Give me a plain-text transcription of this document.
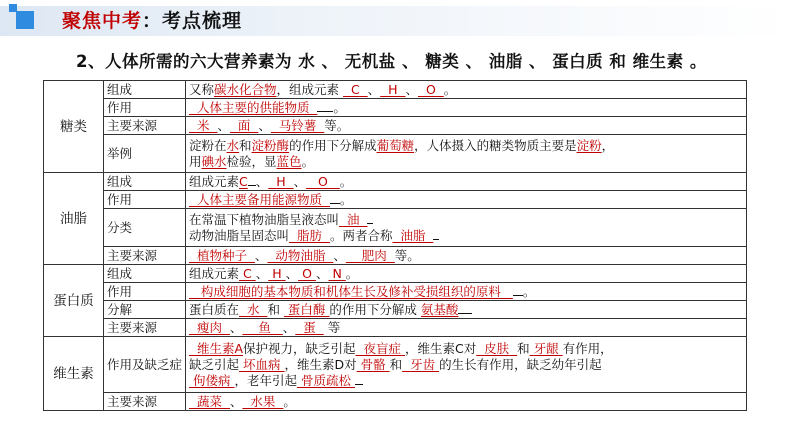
聚焦中考：考点梳理
2、人体所需的六大营养素为 水 、 无机盐 、 糖类 、 油脂 、 蛋白质 和 维生素 。
糖类	组成	又称碳水化合物，组成元素 C 、 H 、 O 。
	作用	人体主要的供能物质 。
	主要来源	米 、 面 、 马铃薯 等。
	举例	淀粉在水和淀粉酶的作用下分解成葡萄糖，人体摄入的糖类物质主要是淀粉，
用碘水检验，显蓝色。
油脂	组成	组成元素C 、 H 、 O 。
	作用	人体主要备用能源物质 。
	分类	在常温下植物油脂呈液态叫 油
动物油脂呈固态叫 脂肪 。两者合称 油脂
	主要来源	植物种子 、 动物油脂 、 肥肉 等。
蛋白质	组成	组成元素 C 、 H 、 O 、 N 。
	作用	构成细胞的基本物质和机体生长及修补受损组织的原料 。
	分解	蛋白质在 水 和 蛋白酶 的作用下分解成 氨基酸
	主要来源	瘦肉 、 鱼 、 蛋 等
维生素	作用及缺乏症	维生素A保护视力，缺乏引起 夜盲症 ，维生素C对 皮肤 和 牙龈 有作用，
缺乏引起 坏血病 ，维生素D对 骨骼 和 牙齿 的生长有作用，缺乏幼年引起
佝偻病 ，老年引起 骨质疏松
	主要来源	蔬菜 、 水果 。
